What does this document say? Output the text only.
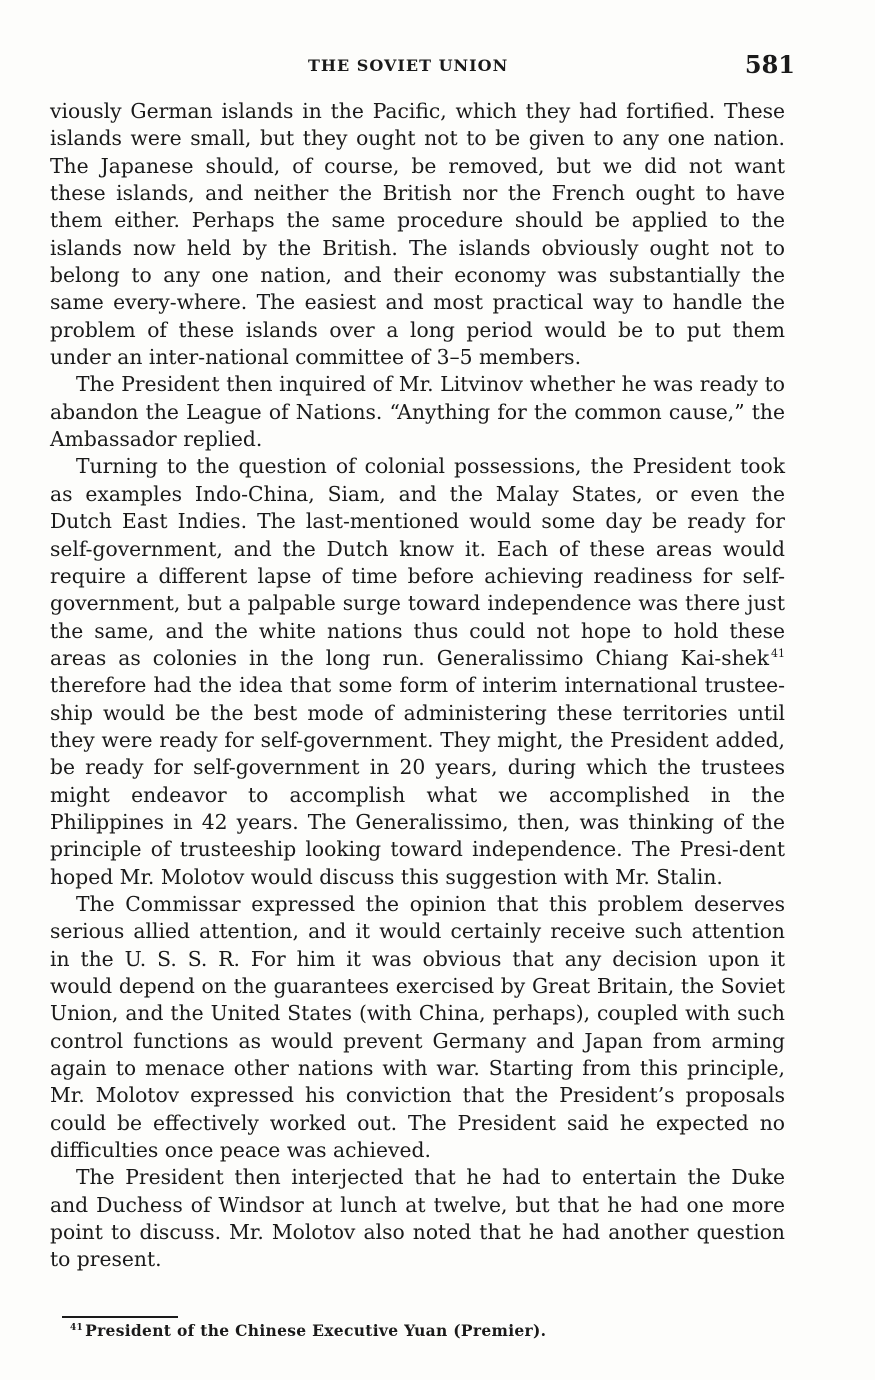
THE SOVIET UNION	581

viously German islands in the Pacific, which they had fortified. These islands were small, but they ought not to be given to any one nation. The Japanese should, of course, be removed, but we did not want these islands, and neither the British nor the French ought to have them either. Perhaps the same procedure should be applied to the islands now held by the British. The islands obviously ought not to belong to any one nation, and their economy was substantially the same every-where. The easiest and most practical way to handle the problem of these islands over a long period would be to put them under an inter-national committee of 3–5 members.

The President then inquired of Mr. Litvinov whether he was ready to abandon the League of Nations. “Anything for the common cause,” the Ambassador replied.

Turning to the question of colonial possessions, the President took as examples Indo-China, Siam, and the Malay States, or even the Dutch East Indies. The last-mentioned would some day be ready for self-government, and the Dutch know it. Each of these areas would require a different lapse of time before achieving readiness for self-government, but a palpable surge toward independence was there just the same, and the white nations thus could not hope to hold these areas as colonies in the long run. Generalissimo Chiang Kai-shek $^{41}$ therefore had the idea that some form of interim international trustee-ship would be the best mode of administering these territories until they were ready for self-government. They might, the President added, be ready for self-government in 20 years, during which the trustees might endeavor to accomplish what we accomplished in the Philippines in 42 years. The Generalissimo, then, was thinking of the principle of trusteeship looking toward independence. The Presi-dent hoped Mr. Molotov would discuss this suggestion with Mr. Stalin.

The Commissar expressed the opinion that this problem deserves serious allied attention, and it would certainly receive such attention in the U. S. S. R. For him it was obvious that any decision upon it would depend on the guarantees exercised by Great Britain, the Soviet Union, and the United States (with China, perhaps), coupled with such control functions as would prevent Germany and Japan from arming again to menace other nations with war. Starting from this principle, Mr. Molotov expressed his conviction that the President’s proposals could be effectively worked out. The President said he expected no difficulties once peace was achieved.

The President then interjected that he had to entertain the Duke and Duchess of Windsor at lunch at twelve, but that he had one more point to discuss. Mr. Molotov also noted that he had another question to present.

$^{41}$ President of the Chinese Executive Yuan (Premier).
